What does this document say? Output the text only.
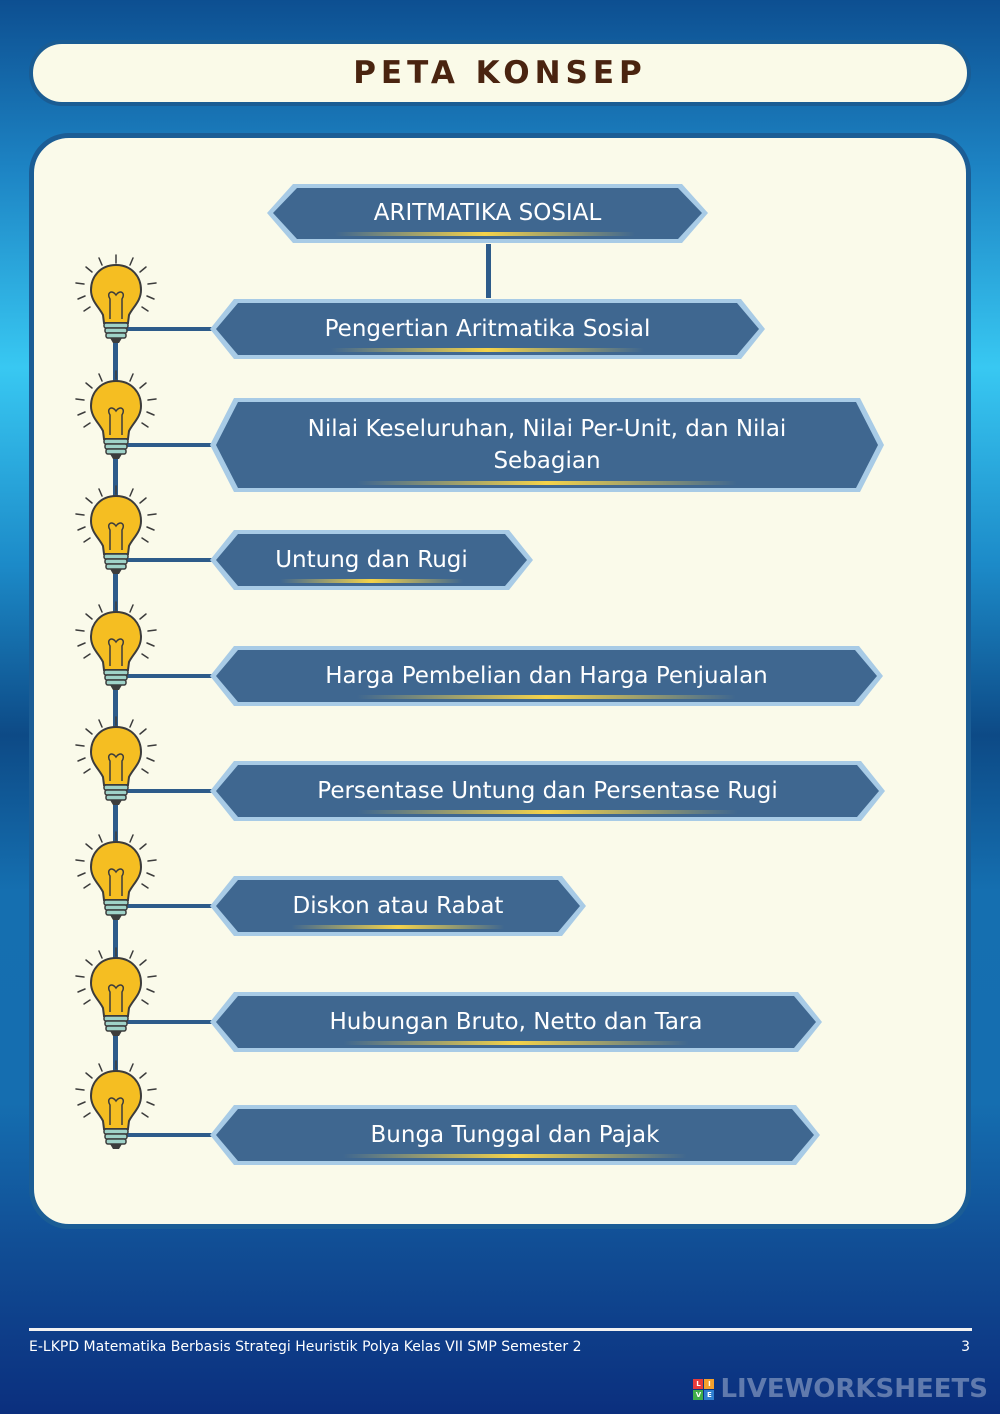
PETA KONSEP
ARITMATIKA SOSIAL
Pengertian Aritmatika Sosial
Nilai Keseluruhan, Nilai Per-Unit, dan Nilai Sebagian
Untung dan Rugi
Harga Pembelian dan Harga Penjualan
Persentase Untung dan Persentase Rugi
Diskon atau Rabat
Hubungan Bruto, Netto dan Tara
Bunga Tunggal dan Pajak
E-LKPD Matematika Berbasis Strategi Heuristik Polya Kelas VII SMP Semester 2	3
L	I
V E LIVEWORKSHEETS
